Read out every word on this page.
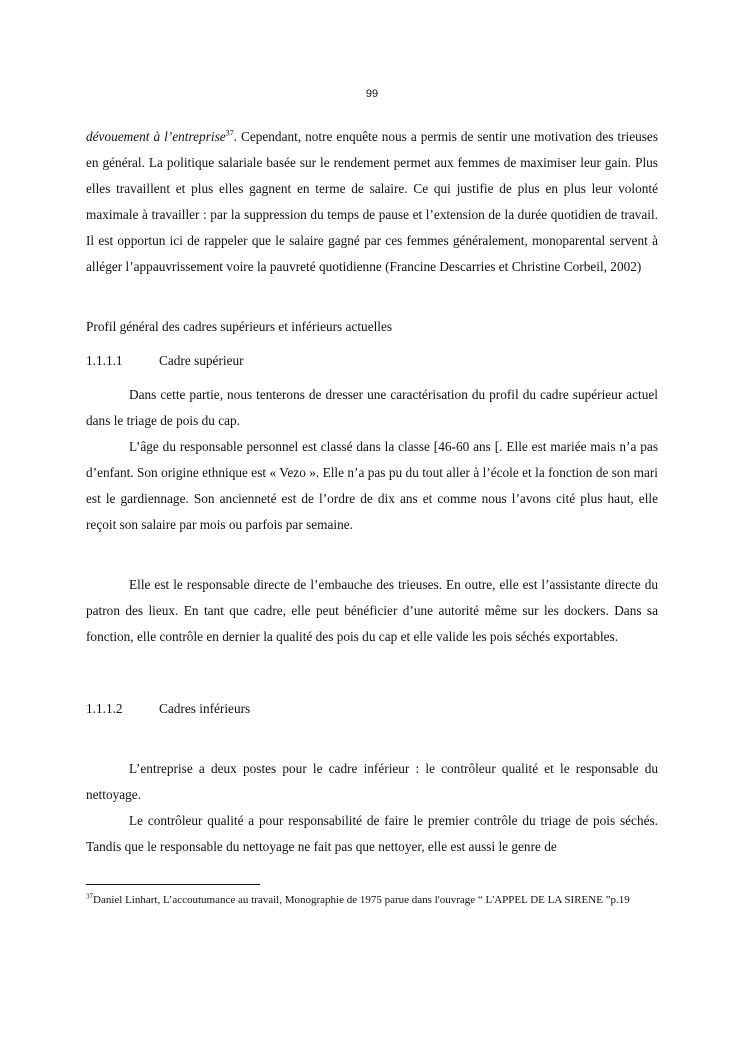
99

dévouement à l’entreprise$^{37}$. Cependant, notre enquête nous a permis de sentir une motivation des trieuses en général. La politique salariale basée sur le rendement permet aux femmes de maximiser leur gain. Plus elles travaillent et plus elles gagnent en terme de salaire. Ce qui justifie de plus en plus leur volonté maximale à travailler : par la suppression du temps de pause et l’extension de la durée quotidien de travail. Il est opportun ici de rappeler que le salaire gagné par ces femmes généralement, monoparental servent à alléger l’appauvrissement voire la pauvreté quotidienne (Francine Descarries et Christine Corbeil, 2002)

Profil général des cadres supérieurs et inférieurs actuelles

1.1.1.1	Cadre supérieur

Dans cette partie, nous tenterons de dresser une caractérisation du profil du cadre supérieur actuel dans le triage de pois du cap.

L’âge du responsable personnel est classé dans la classe [46-60 ans [. Elle est mariée mais n’a pas d’enfant. Son origine ethnique est « Vezo ». Elle n’a pas pu du tout aller à l’école et la fonction de son mari est le gardiennage. Son ancienneté est de l’ordre de dix ans et comme nous l’avons cité plus haut, elle reçoit son salaire par mois ou parfois par semaine.

Elle est le responsable directe de l’embauche des trieuses. En outre, elle est l’assistante directe du patron des lieux. En tant que cadre, elle peut bénéficier d’une autorité même sur les dockers. Dans sa fonction, elle contrôle en dernier la qualité des pois du cap et elle valide les pois séchés exportables.

1.1.1.2	Cadres inférieurs

L’entreprise a deux postes pour le cadre inférieur : le contrôleur qualité et le responsable du nettoyage.

Le contrôleur qualité a pour responsabilité de faire le premier contrôle du triage de pois séchés. Tandis que le responsable du nettoyage ne fait pas que nettoyer, elle est aussi le genre de

$^{37}$Daniel Linhart, L’accoutumance au travail, Monographie de 1975 parue dans l'ouvrage “ L'APPEL DE LA SIRENE ”p.19
